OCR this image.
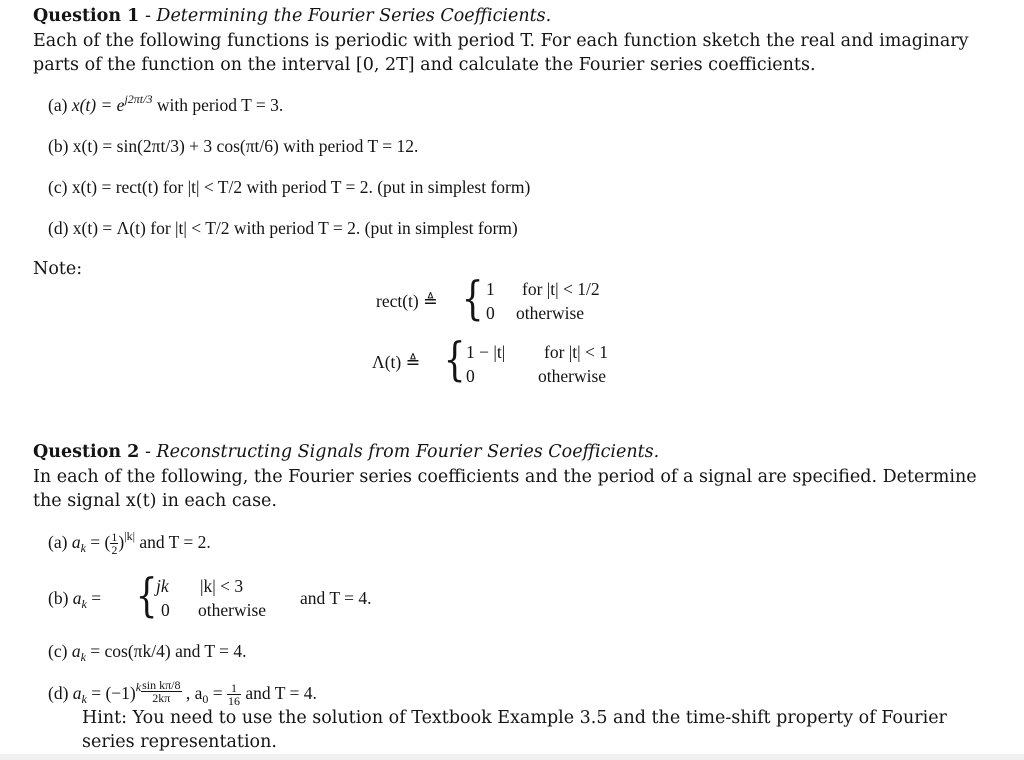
Question 1 - Determining the Fourier Series Coefficients.
Each of the following functions is periodic with period T. For each function sketch the real and imaginary
parts of the function on the interval [0, 2T] and calculate the Fourier series coefficients.
(a) $x(t) = e^{j2\pi t/3}$ with period T = 3.
(b) x(t) = sin(2πt/3) + 3 cos(πt/6) with period T = 12.
(c) x(t) = rect(t) for |t| < T/2 with period T = 2. (put in simplest form)
(d) x(t) = Λ(t) for |t| < T/2 with period T = 2. (put in simplest form)
Note:
rect(t) ≜ { 1 for |t| < 1/2
0 otherwise
Λ(t) ≜ { 1 − |t| for |t| < 1
0	otherwise
Question 2 - Reconstructing Signals from Fourier Series Coefficients.
In each of the following, the Fourier series coefficients and the period of a signal are specified. Determine
the signal x(t) in each case.
(a) $a_k$ = ( $\frac{1}{2} )^{|k|}$ and T = 2.
(b) $a_k$ = {
jk |k| < 3
0 otherwise
and T = 4.
(c) $a_k = \cos(\pi k/4)$ and T = 4.
(d) $a_k = (-1)^k \frac{\text{sin kπ/8}}{2k\pi}$ , $a_0 = \frac{1}{16}$ and T = 4.
Hint: You need to use the solution of Textbook Example 3.5 and the time-shift property of Fourier
series representation.
